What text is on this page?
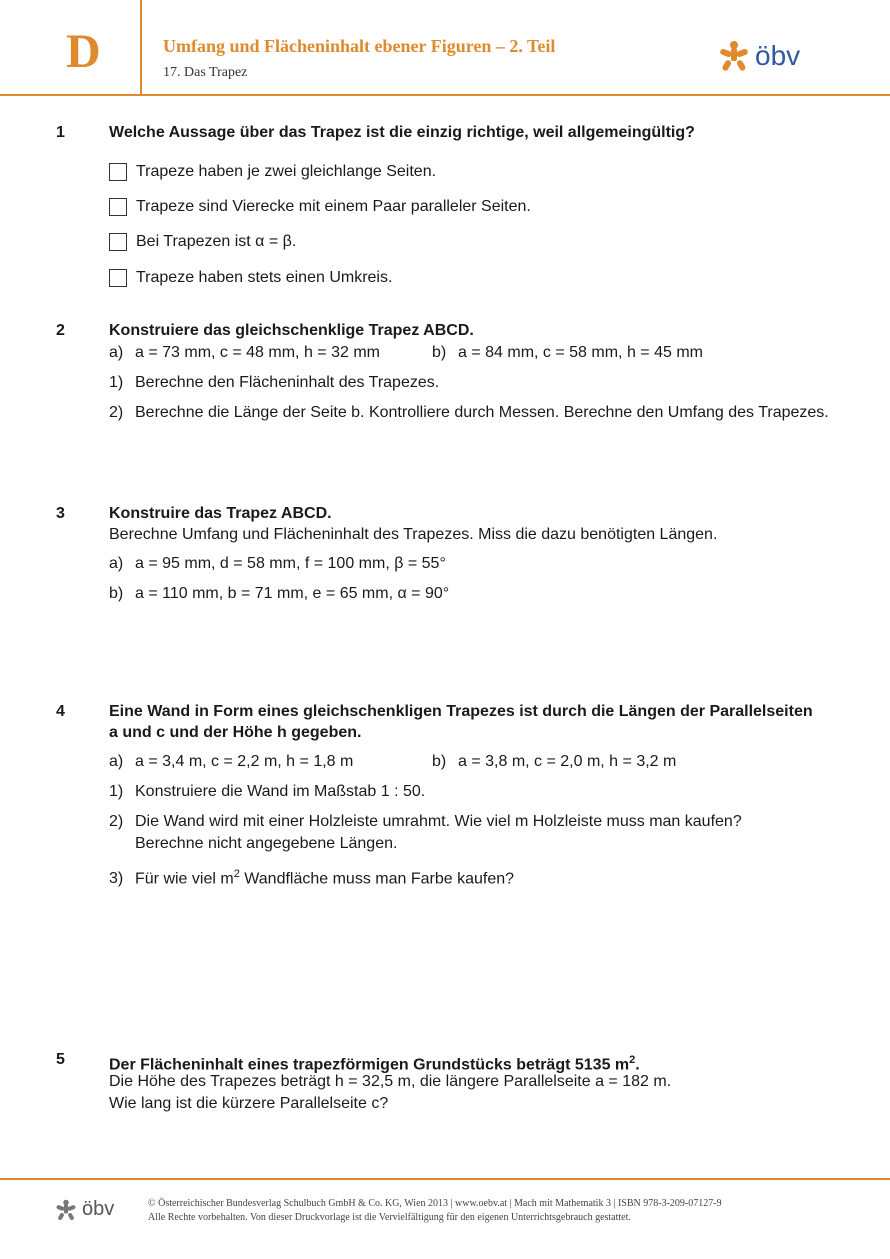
D	Umfang und Flächeninhalt ebener Figuren – 2. Teil
17. Das Trapez
öbv
1	Welche Aussage über das Trapez ist die einzig richtige, weil allgemeingültig?
Trapeze haben je zwei gleichlange Seiten.
Trapeze sind Vierecke mit einem Paar paralleler Seiten.
Bei Trapezen ist α = β.
Trapeze haben stets einen Umkreis.
2	Konstruiere das gleichschenklige Trapez ABCD.
a) a = 73 mm, c = 48 mm, h = 32 mm	b) a = 84 mm, c = 58 mm, h = 45 mm
1) Berechne den Flächeninhalt des Trapezes.
2) Berechne die Länge der Seite b. Kontrolliere durch Messen. Berechne den Umfang des Trapezes.
3	Konstruire das Trapez ABCD.
Berechne Umfang und Flächeninhalt des Trapezes. Miss die dazu benötigten Längen.
a) a = 95 mm, d = 58 mm, f = 100 mm, β = 55°
b) a = 110 mm, b = 71 mm, e = 65 mm, α = 90°
4	Eine Wand in Form eines gleichschenkligen Trapezes ist durch die Längen der Parallelseiten
a und c und der Höhe h gegeben.
a) a = 3,4 m, c = 2,2 m, h = 1,8 m	b) a = 3,8 m, c = 2,0 m, h = 3,2 m
1) Konstruiere die Wand im Maßstab 1 : 50.
2) Die Wand wird mit einer Holzleiste umrahmt. Wie viel m Holzleiste muss man kaufen?
Berechne nicht angegebene Längen.
3) Für wie viel $m^2$ Wandfläche muss man Farbe kaufen?
5	Der Flächeninhalt eines trapezförmigen Grundstücks beträgt 5135 $m^2$.
Die Höhe des Trapezes beträgt h = 32,5 m, die längere Parallelseite a = 182 m.
Wie lang ist die kürzere Parallelseite c?
öbv	© Österreichischer Bundesverlag Schulbuch GmbH & Co. KG, Wien 2013 | www.oebv.at | Mach mit Mathematik 3 | ISBN 978-3-209-07127-9
Alle Rechte vorbehalten. Von dieser Druckvorlage ist die Vervielfältigung für den eigenen Unterrichtsgebrauch gestattet.
